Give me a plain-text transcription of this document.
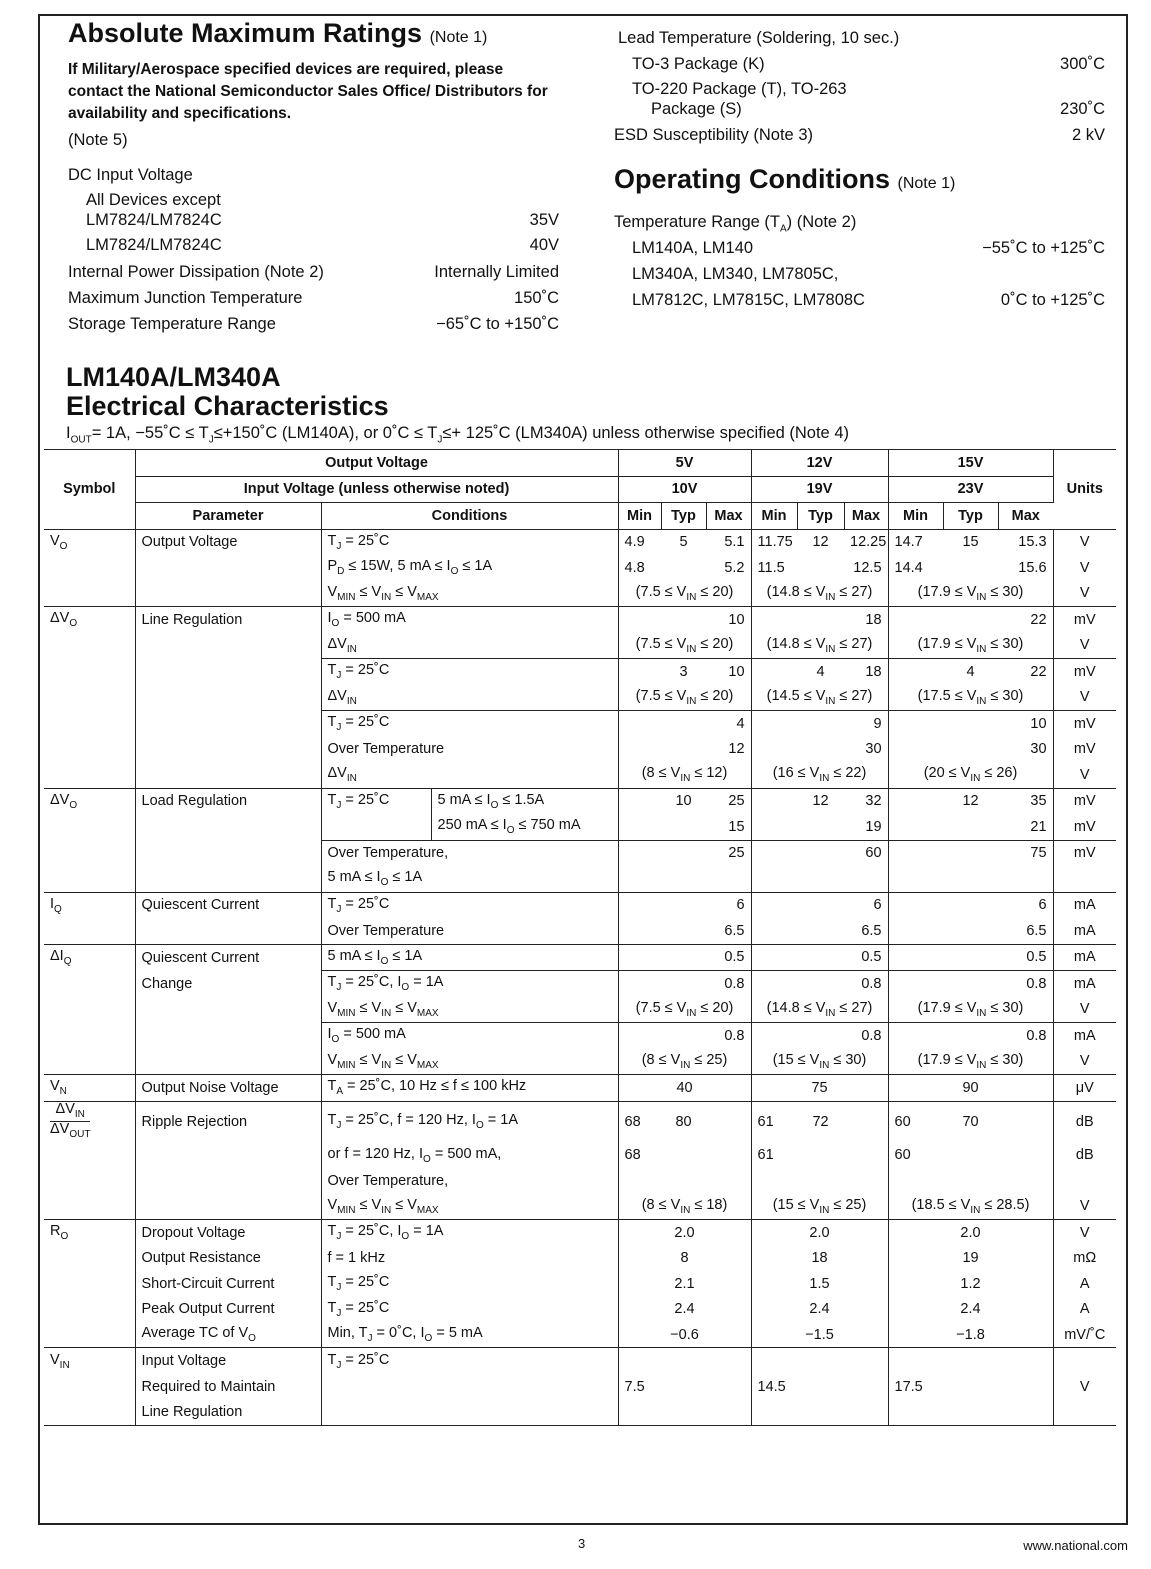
Absolute Maximum Ratings (Note 1)
If Military/Aerospace specified devices are required, please contact the National Semiconductor Sales Office/ Distributors for availability and specifications.
(Note 5)
DC Input Voltage
All Devices except
LM7824/LM7824C	35V
LM7824/LM7824C	40V
Internal Power Dissipation (Note 2)	Internally Limited
Maximum Junction Temperature	150˚C
Storage Temperature Range	−65˚C to +150˚C
Lead Temperature (Soldering, 10 sec.)
TO-3 Package (K)	300˚C
TO-220 Package (T), TO-263
Package (S)	230˚C
ESD Susceptibility (Note 3)	2 kV
Operating Conditions (Note 1)
Temperature Range $(T_A)$ (Note 2)
LM140A, LM140	−55˚C to +125˚C
LM340A, LM340, LM7805C,
LM7812C, LM7815C, LM7808C	0˚C to +125˚C
LM140A/LM340A
Electrical Characteristics
$I_{OUT}= 1A$, −55˚C ≤ $T_J\le+150˚C$ (LM140A), or 0˚C ≤ $T_J\le+$ 125˚C (LM340A) unless otherwise specified (Note 4)
Symbol	Output Voltage			5V			12V			15V			Units
	Input Voltage (unless otherwise noted)			10V			19V			23V			
	Parameter	Conditions		Min	Typ	Max	Min	Typ	Max	Min	Typ	Max	
$V_O$	Output Voltage	$T_J$ = 25˚C		4.9	5	5.1	11.75	12	12.25	14.7	15	15.3	V
		$P_D \le 15W$, 5 mA ≤ $I_O \le 1A$		4.8		5.2	11.5		12.5	14.4		15.6	V
		$V_{MIN} \le V_{IN} \le V_{MAX}$		$(7.5 \le V_{IN} \le 20)$			$(14.8 \le V_{IN} \le 27)$			$(17.9 \le V_{IN} \le 30)$			V
$\Delta V_O$	Line Regulation	$I_O = 500$ mA				10			18			22	mV
		$\Delta V_{IN}$		$(7.5 \le V_{IN} \le 20)$			$(14.8 \le V_{IN} \le 27)$			$(17.9 \le V_{IN} \le 30)$			V
		$T_J$ = 25˚C			3	10		4	18		4	22	mV
		$\Delta V_{IN}$		$(7.5 \le V_{IN} \le 20)$			$(14.5 \le V_{IN} \le 27)$			$(17.5 \le V_{IN} \le 30)$			V
		$T_J$ = 25˚C				4			9			10	mV
		Over Temperature				12			30			30	mV
		$\Delta V_{IN}$		$(8 \le V_{IN} \le 12)$			$(16 \le V_{IN} \le 22)$			$(20 \le V_{IN} \le 26)$			V
$\Delta V_O$	Load Regulation	$T_J$ = 25˚C	5 mA ≤ $I_O \le 1.5A$		10	25		12	32		12	35	mV
			250 mA ≤ $I_O \le 750$ mA			15			19			21	mV
		Over Temperature,				25			60			75	mV
		5 mA ≤ $I_O \le 1A$											
$I_Q$	Quiescent Current	$T_J$ = 25˚C				6			6			6	mA
		Over Temperature				6.5			6.5			6.5	mA
$\Delta I_Q$	Quiescent Current	5 mA ≤ $I_O \le 1A$				0.5			0.5			0.5	mA
	Change	$T_J$ = 25˚C, $I_O = 1A$				0.8			0.8			0.8	mA
		$V_{MIN} \le V_{IN} \le V_{MAX}$		$(7.5 \le V_{IN} \le 20)$			$(14.8 \le V_{IN} \le 27)$			$(17.9 \le V_{IN} \le 30)$			V
		$I_O = 500$ mA				0.8			0.8			0.8	mA
		$V_{MIN} \le V_{IN} \le V_{MAX}$		$(8 \le V_{IN} \le 25)$			$(15 \le V_{IN} \le 30)$			$(17.9 \le V_{IN} \le 30)$			V
$V_N$	Output Noise Voltage	$T_A$ = 25˚C, 10 Hz ≤ f ≤ 100 kHz		40			75			90			μV

$\Delta V_{IN}$
$\Delta V_{OUT}$	Ripple Rejection	$T_J$ = 25˚C, f = 120 Hz, $I_O = 1A$		68	80		61	72		60	70		dB
		or f = 120 Hz, $I_O = 500$ mA,		68			61			60			dB
		Over Temperature,											
		$V_{MIN} \le V_{IN} \le V_{MAX}$		$(8 \le V_{IN} \le 18)$			$(15 \le V_{IN} \le 25)$			$(18.5 \le V_{IN} \le 28.5)$			V
$R_O$	Dropout Voltage	$T_J$ = 25˚C, $I_O = 1A$		2.0			2.0			2.0			V
	Output Resistance	f = 1 kHz		8			18			19			mΩ
	Short-Circuit Current	$T_J$ = 25˚C		2.1			1.5			1.2			A
	Peak Output Current	$T_J$ = 25˚C		2.4			2.4			2.4			A
	Average TC of $V_O$	Min, $T_J$ = 0˚C, $I_O = 5$ mA		−0.6			−1.5			−1.8			mV/˚C
$V_{IN}$	Input Voltage	$T_J$ = 25˚C											
	Required to Maintain			7.5			14.5			17.5			V
	Line Regulation												
3	www.national.com
